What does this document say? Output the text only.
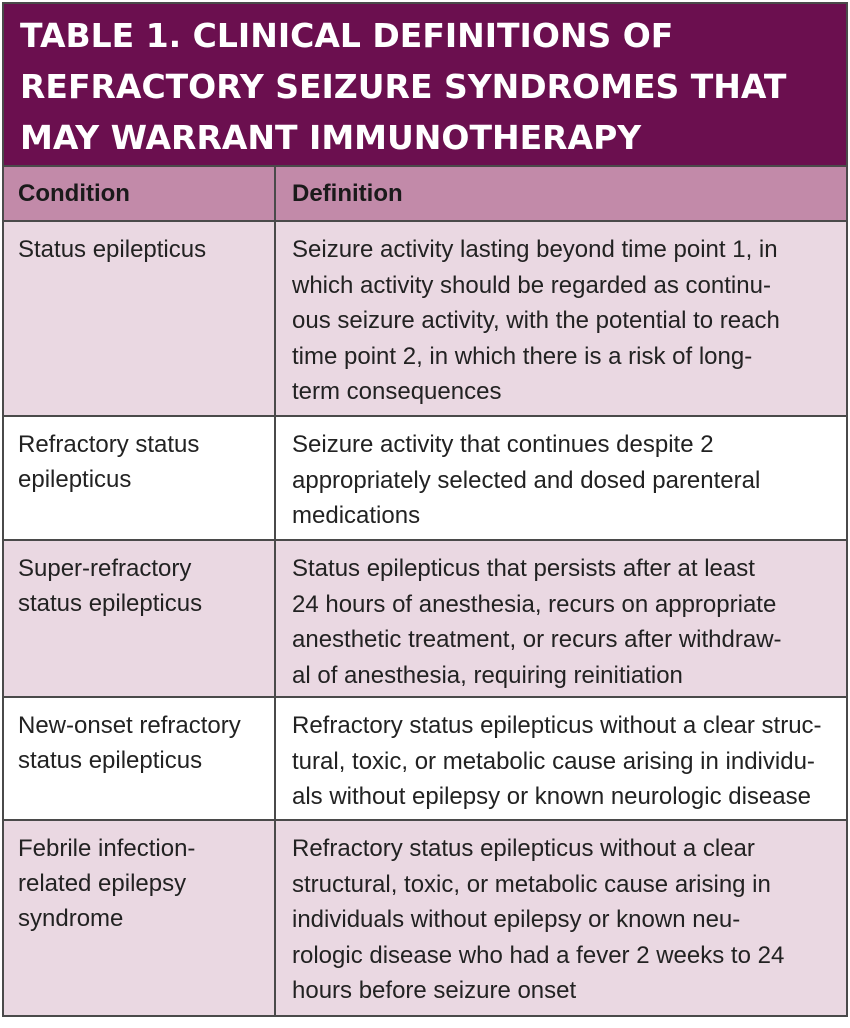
TABLE 1. CLINICAL DEFINITIONS OF
REFRACTORY SEIZURE SYNDROMES THAT
MAY WARRANT IMMUNOTHERAPY
Condition	Definition
Status epilepticus	Seizure activity lasting beyond time point 1, in
which activity should be regarded as continu-
ous seizure activity, with the potential to reach
time point 2, in which there is a risk of long-
term consequences
Refractory status epilepticus
Seizure activity that continues despite 2
appropriately selected and dosed parenteral
medications
Super-refractory status epilepticus
Status epilepticus that persists after at least
24 hours of anesthesia, recurs on appropriate
anesthetic treatment, or recurs after withdraw-
al of anesthesia, requiring reinitiation
New-onset refractory status epilepticus
Refractory status epilepticus without a clear struc-
tural, toxic, or metabolic cause arising in individu-
als without epilepsy or known neurologic disease
Febrile infection-related epilepsy syndrome
Refractory status epilepticus without a clear
structural, toxic, or metabolic cause arising in
individuals without epilepsy or known neu-
rologic disease who had a fever 2 weeks to 24
hours before seizure onset
